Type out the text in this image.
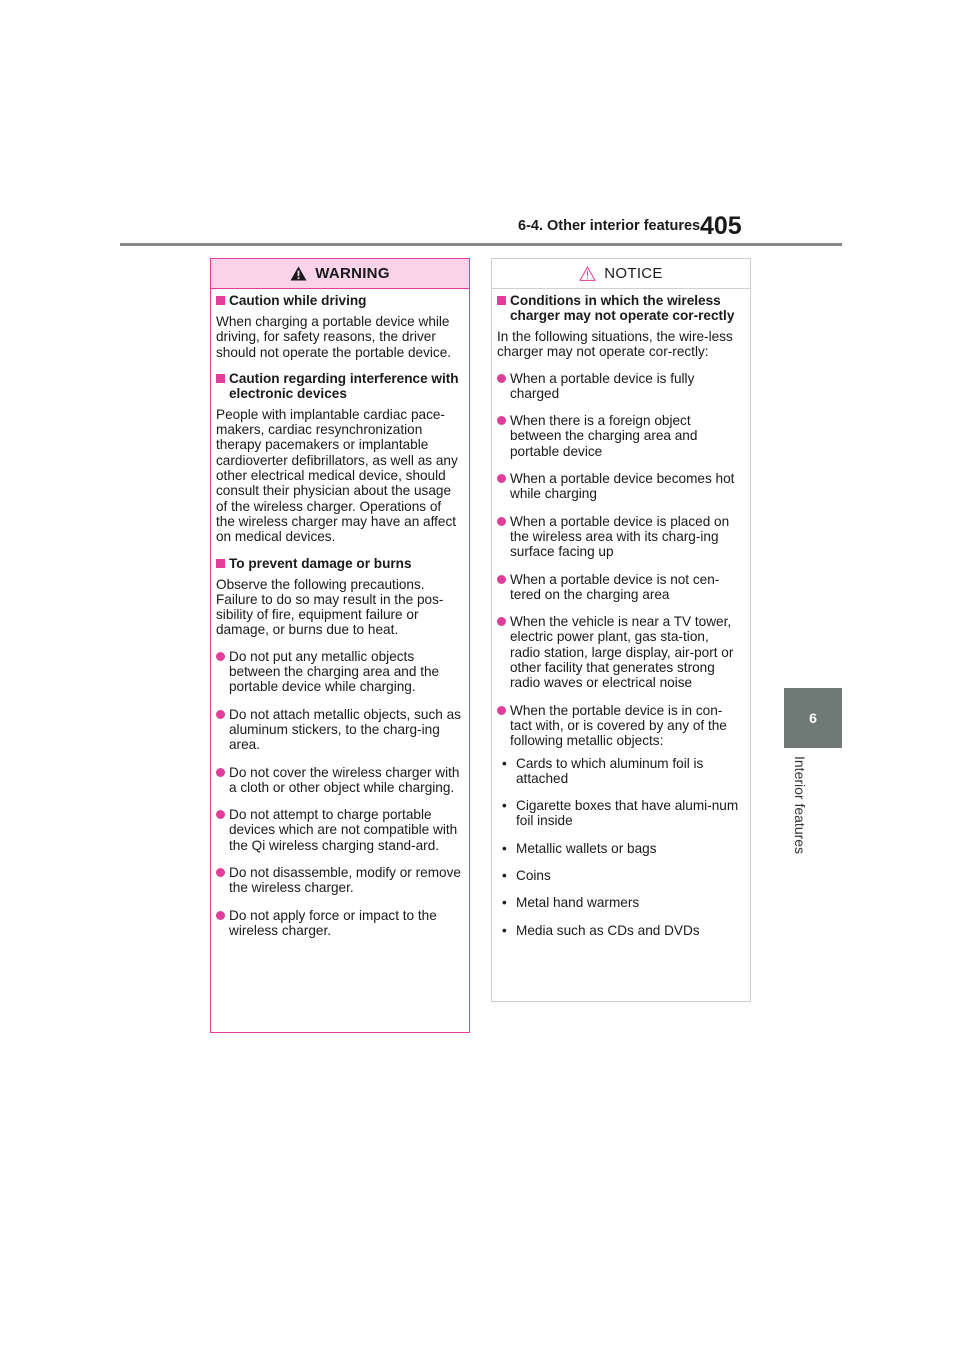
6-4. Other interior features 405
6
Interior features
WARNING
Caution while driving

When charging a portable device while driving, for safety reasons, the driver should not operate the portable device.

Caution regarding interference with electronic devices

People with implantable cardiac pace-makers, cardiac resynchronization therapy pacemakers or implantable cardioverter defibrillators, as well as any other electrical medical device, should consult their physician about the usage of the wireless charger. Operations of the wireless charger may have an affect on medical devices.

To prevent damage or burns

Observe the following precautions. Failure to do so may result in the pos-sibility of fire, equipment failure or damage, or burns due to heat.

Do not put any metallic objects between the charging area and the portable device while charging.
Do not attach metallic objects, such as aluminum stickers, to the charg-ing area.
Do not cover the wireless charger with a cloth or other object while charging.
Do not attempt to charge portable devices which are not compatible with the Qi wireless charging stand-ard.
Do not disassemble, modify or remove the wireless charger.
Do not apply force or impact to the wireless charger.
NOTICE
Conditions in which the wireless charger may not operate cor-rectly

In the following situations, the wire-less charger may not operate cor-rectly:

When a portable device is fully charged
When there is a foreign object between the charging area and portable device
When a portable device becomes hot while charging
When a portable device is placed on the wireless area with its charg-ing surface facing up
When a portable device is not cen-tered on the charging area
When the vehicle is near a TV tower, electric power plant, gas sta-tion, radio station, large display, air-port or other facility that generates strong radio waves or electrical noise
When the portable device is in con-tact with, or is covered by any of the following metallic objects:
• Cards to which aluminum foil is attached
• Cigarette boxes that have alumi-num foil inside
• Metallic wallets or bags
• Coins
• Metal hand warmers
• Media such as CDs and DVDs
